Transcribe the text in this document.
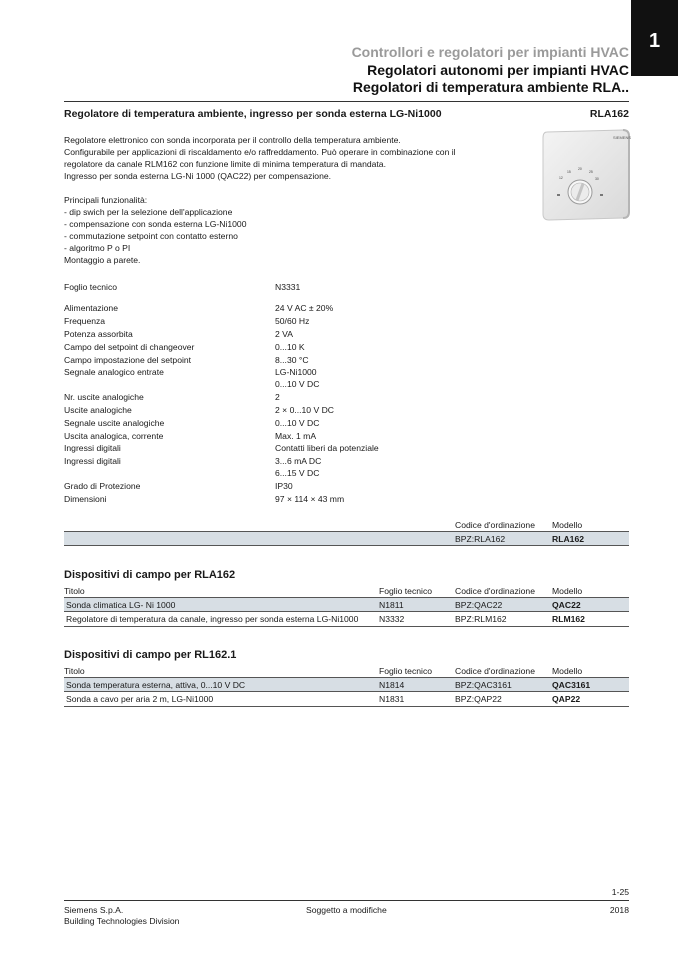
1
Controllori e regolatori per impianti HVAC
Regolatori autonomi per impianti HVAC
Regolatori di temperatura ambiente RLA..
Regolatore di temperatura ambiente, ingresso per sonda esterna LG-Ni1000	RLA162

Regolatore elettronico con sonda incorporata per il controllo della temperatura ambiente.

Configurabile per applicazioni di riscaldamento e/o raffreddamento. Può operare in combinazione con il

regolatore da canale RLM162 con funzione limite di minima temperatura di mandata.

Ingresso per sonda esterna LG-Ni 1000 (QAC22) per compensazione.

Principali funzionalità:

- dip swich per la selezione dell'applicazione

- compensazione con sonda esterna LG-Ni1000

- commutazione setpoint con contatto esterno

- algoritmo P o PI

Montaggio a parete.

SIEMENS
12
15
20
25
30
Foglio tecnico	N3331
Alimentazione	24 V AC ± 20%
Frequenza	50/60 Hz
Potenza assorbita	2 VA
Campo del setpoint di changeover	0...10 K
Campo impostazione del setpoint	8...30 °C
Segnale analogico entrate	LG-Ni1000
0...10 V DC
Nr. uscite analogiche	2
Uscite analogiche	2 × 0...10 V DC
Segnale uscite analogiche	0...10 V DC
Uscita analogica, corrente	Max. 1 mA
Ingressi digitali	Contatti liberi da potenziale
Ingressi digitali	3...6 mA DC
6...15 V DC
Grado di Protezione	IP30
Dimensioni	97 × 114 × 43 mm
Codice d'ordinazione Modello
BPZ:RLA162	RLA162
Dispositivi di campo per RLA162
Titolo	Foglio tecnico	Codice d'ordinazione Modello
Sonda climatica LG- Ni 1000	N1811	BPZ:QAC22	QAC22
Regolatore di temperatura da canale, ingresso per sonda esterna LG-Ni1000 N3332	BPZ:RLM162	RLM162
Dispositivi di campo per RL162.1
Titolo	Foglio tecnico	Codice d'ordinazione Modello
Sonda temperatura esterna, attiva, 0...10 V DC	N1814	BPZ:QAC3161	QAC3161
Sonda a cavo per aria 2 m, LG-Ni1000	N1831	BPZ:QAP22	QAP22
1-25
Siemens S.p.A.
Building Technologies Division
Soggetto a modifiche	2018
